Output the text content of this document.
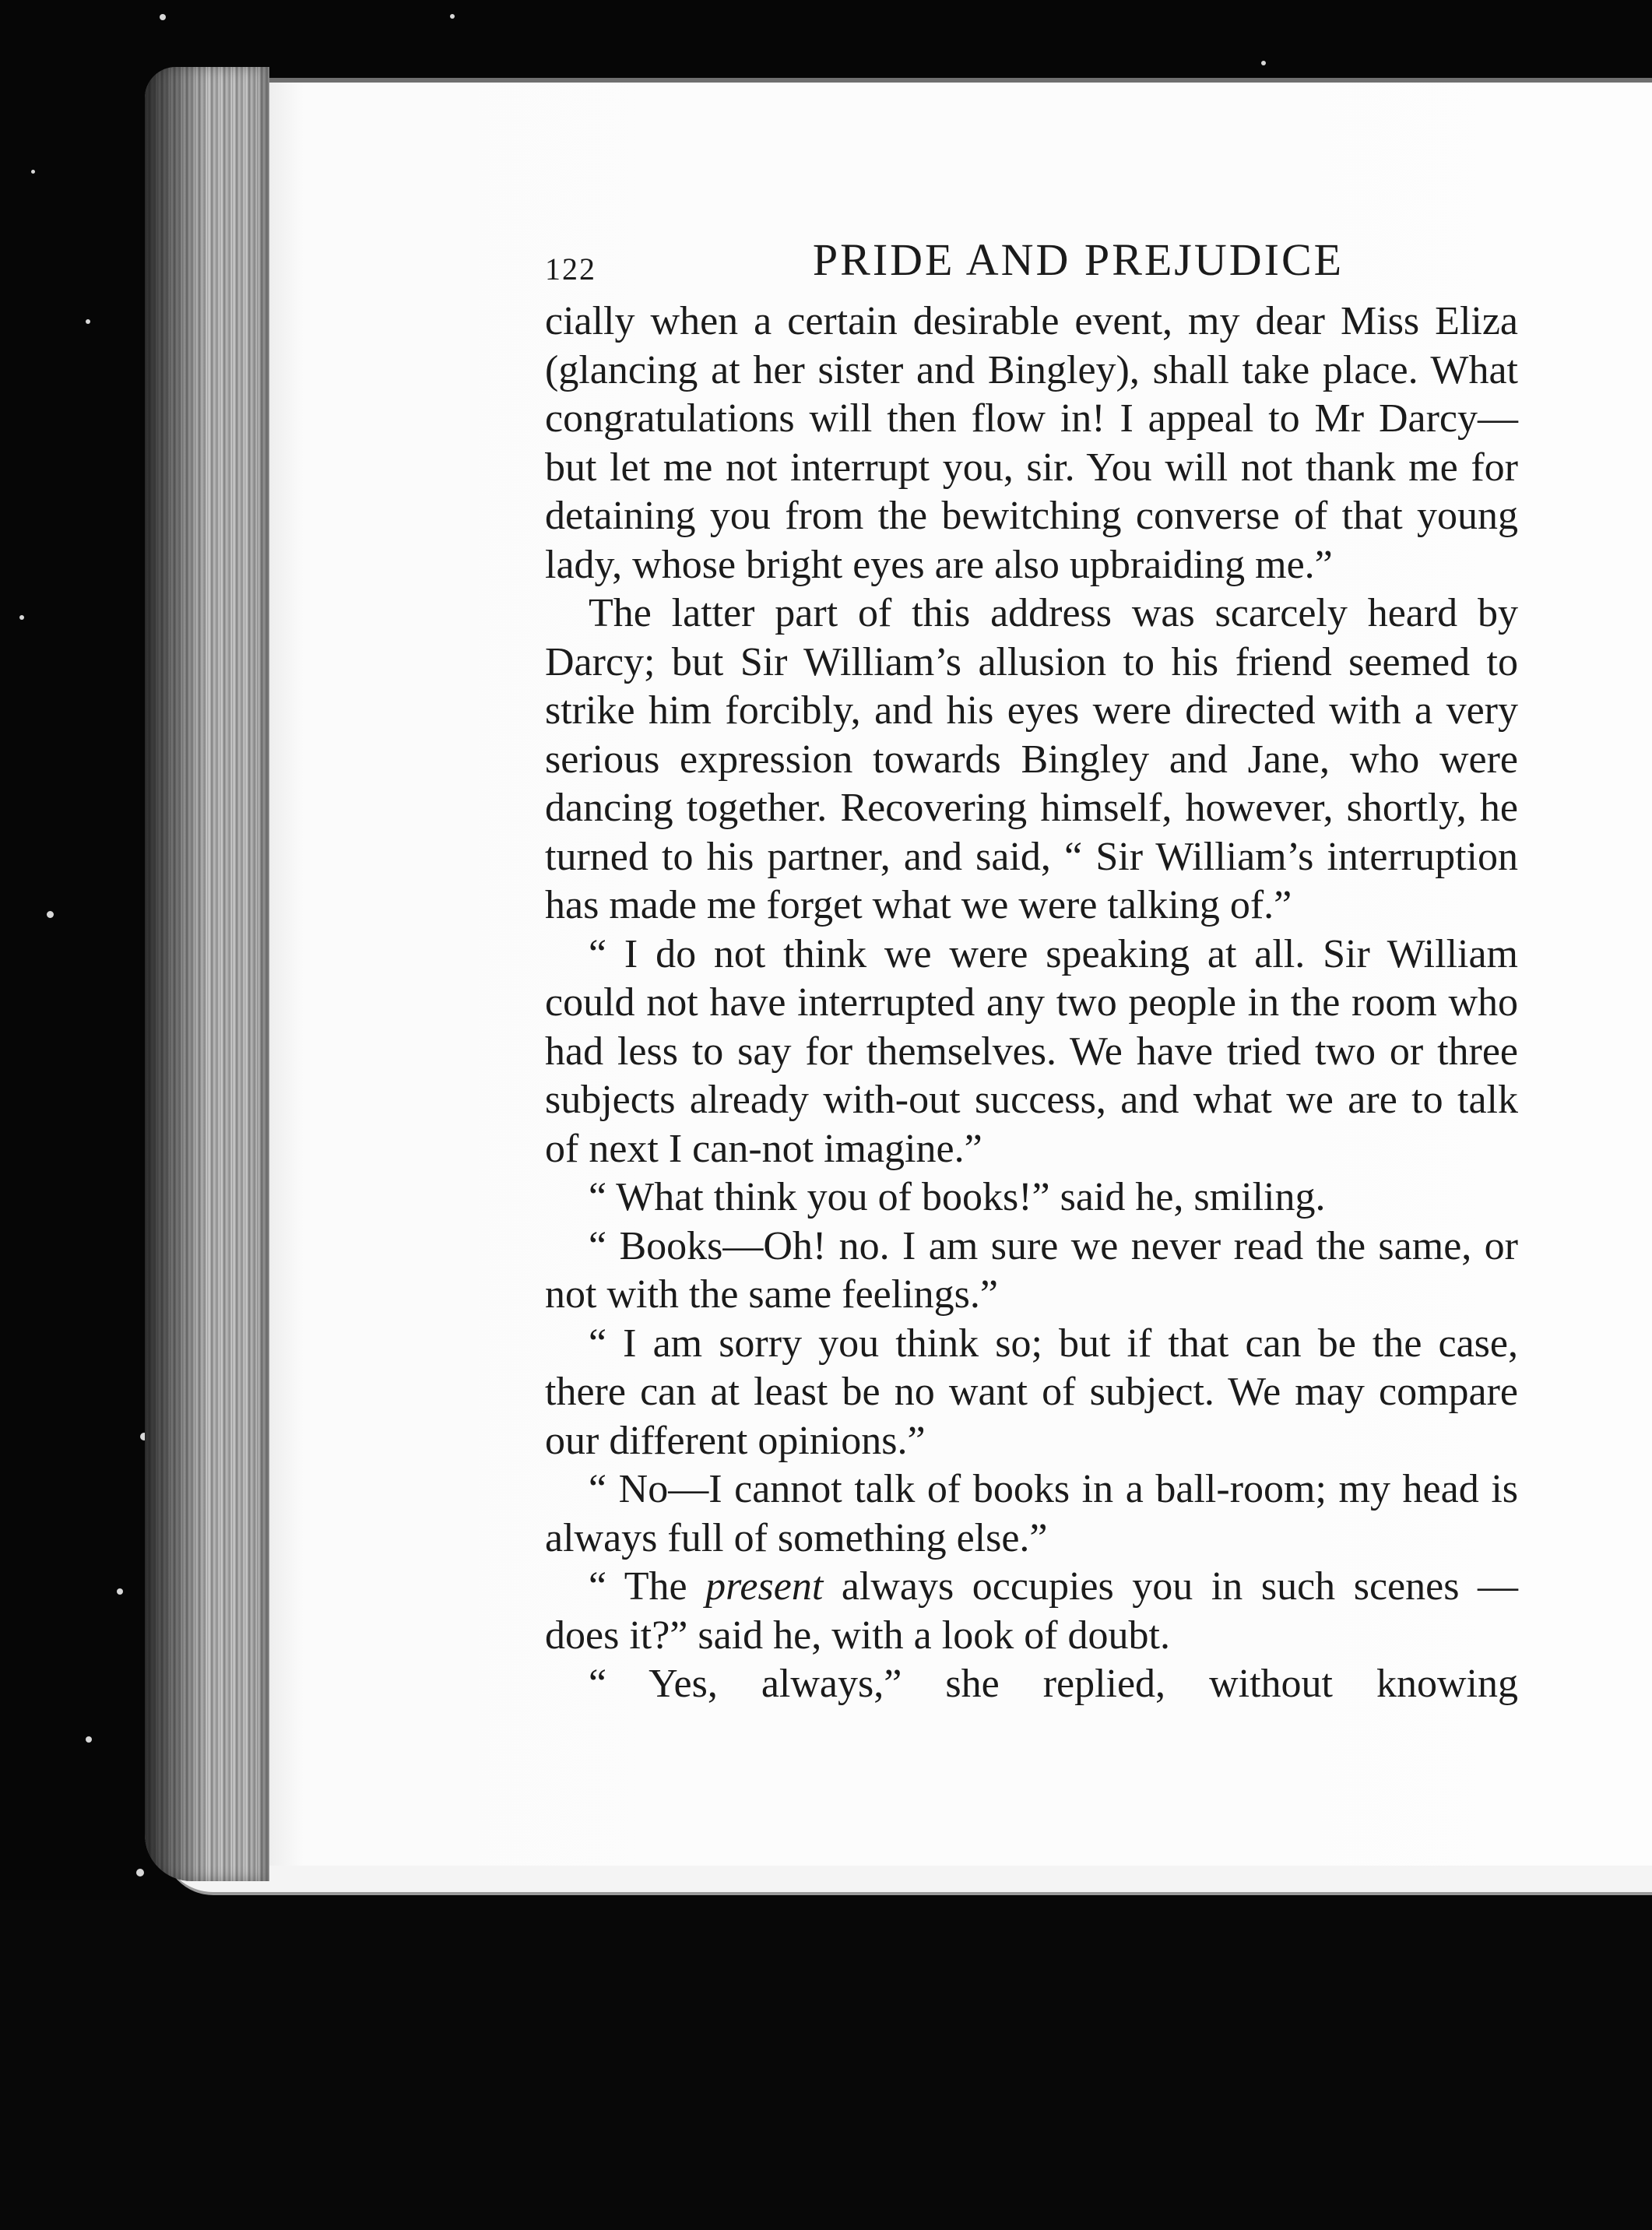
122	PRIDE AND PREJUDICE

cially when a certain desirable event, my dear Miss Eliza (glancing at her sister and Bingley), shall take place. What congratulations will then flow in! I appeal to Mr Darcy—but let me not interrupt you, sir. You will not thank me for detaining you from the bewitching converse of that young lady, whose bright eyes are also upbraiding me.”

The latter part of this address was scarcely heard by Darcy; but Sir William’s allusion to his friend seemed to strike him forcibly, and his eyes were directed with a very serious expression towards Bingley and Jane, who were dancing together. Recovering himself, however, shortly, he turned to his partner, and said, “ Sir William’s interruption has made me forget what we were talking of.”

“ I do not think we were speaking at all. Sir William could not have interrupted any two people in the room who had less to say for themselves. We have tried two or three subjects already with-out success, and what we are to talk of next I can-not imagine.”

“ What think you of books!” said he, smiling.

“ Books—Oh! no. I am sure we never read the same, or not with the same feelings.”

“ I am sorry you think so; but if that can be the case, there can at least be no want of subject. We may compare our different opinions.”

“ No—I cannot talk of books in a ball-room; my head is always full of something else.”

“ The present always occupies you in such scenes —does it?” said he, with a look of doubt.

“ Yes, always,” she replied, without knowing
